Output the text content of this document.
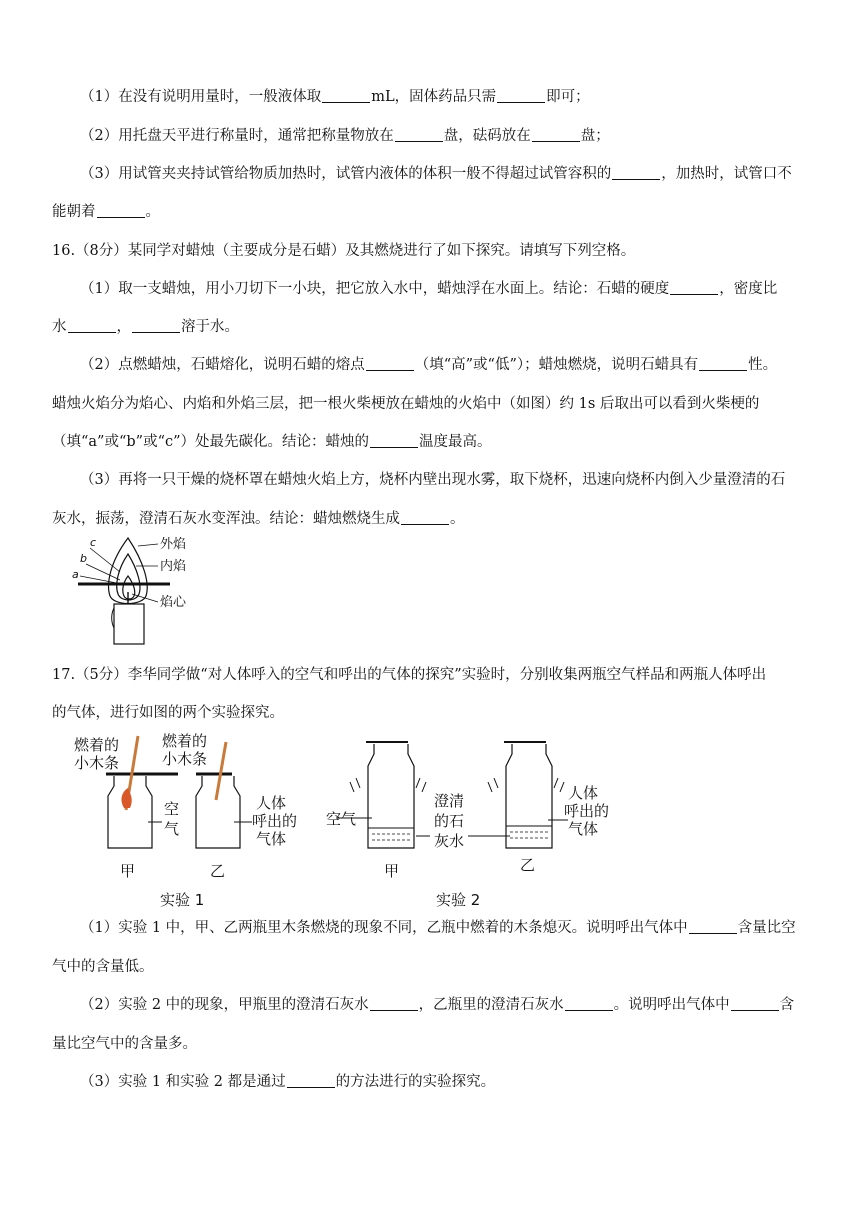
（1）在没有说明用量时，一般液体取	mL，固体药品只需	即可；
（2）用托盘天平进行称量时，通常把称量物放在	盘，砝码放在	盘；
（3）用试管夹夹持试管给物质加热时，试管内液体的体积一般不得超过试管容积的	，加热时，试管口不
能朝着	。
16.（8分）某同学对蜡烛（主要成分是石蜡）及其燃烧进行了如下探究。请填写下列空格。
（1）取一支蜡烛，用小刀切下一小块，把它放入水中，蜡烛浮在水面上。结论：石蜡的硬度	，密度比
水	，	溶于水。
（2）点燃蜡烛，石蜡熔化，说明石蜡的熔点	（填“高”或“低”）；蜡烛燃烧，说明石蜡具有	性。
蜡烛火焰分为焰心、内焰和外焰三层，把一根火柴梗放在蜡烛的火焰中（如图）约 1s 后取出可以看到火柴梗的
（填“a”或“b”或“c”）处最先碳化。结论：蜡烛的	温度最高。
（3）再将一只干燥的烧杯罩在蜡烛火焰上方，烧杯内壁出现水雾，取下烧杯，迅速向烧杯内倒入少量澄清的石
灰水，振荡，澄清石灰水变浑浊。结论：蜡烛燃烧生成	。
17.（5分）李华同学做“对人体呼入的空气和呼出的气体的探究”实验时，分别收集两瓶空气样品和两瓶人体呼出
的气体，进行如图的两个实验探究。
（1）实验 1 中，甲、乙两瓶里木条燃烧的现象不同，乙瓶中燃着的木条熄灭。说明呼出气体中	含量比空
气中的含量低。
（2）实验 2 中的现象，甲瓶里的澄清石灰水	，乙瓶里的澄清石灰水	。说明呼出气体中	含
量比空气中的含量多。
（3）实验 1 和实验 2 都是通过	的方法进行的实验探究。
c
b
a
外焰
内焰
焰心
燃着的
小木条
燃着的
小木条
空
气
人体
呼出的
气体
甲	乙
实验 1
空气
澄清
的石
灰水
人体
呼出的
气体
甲	乙
实验 2
